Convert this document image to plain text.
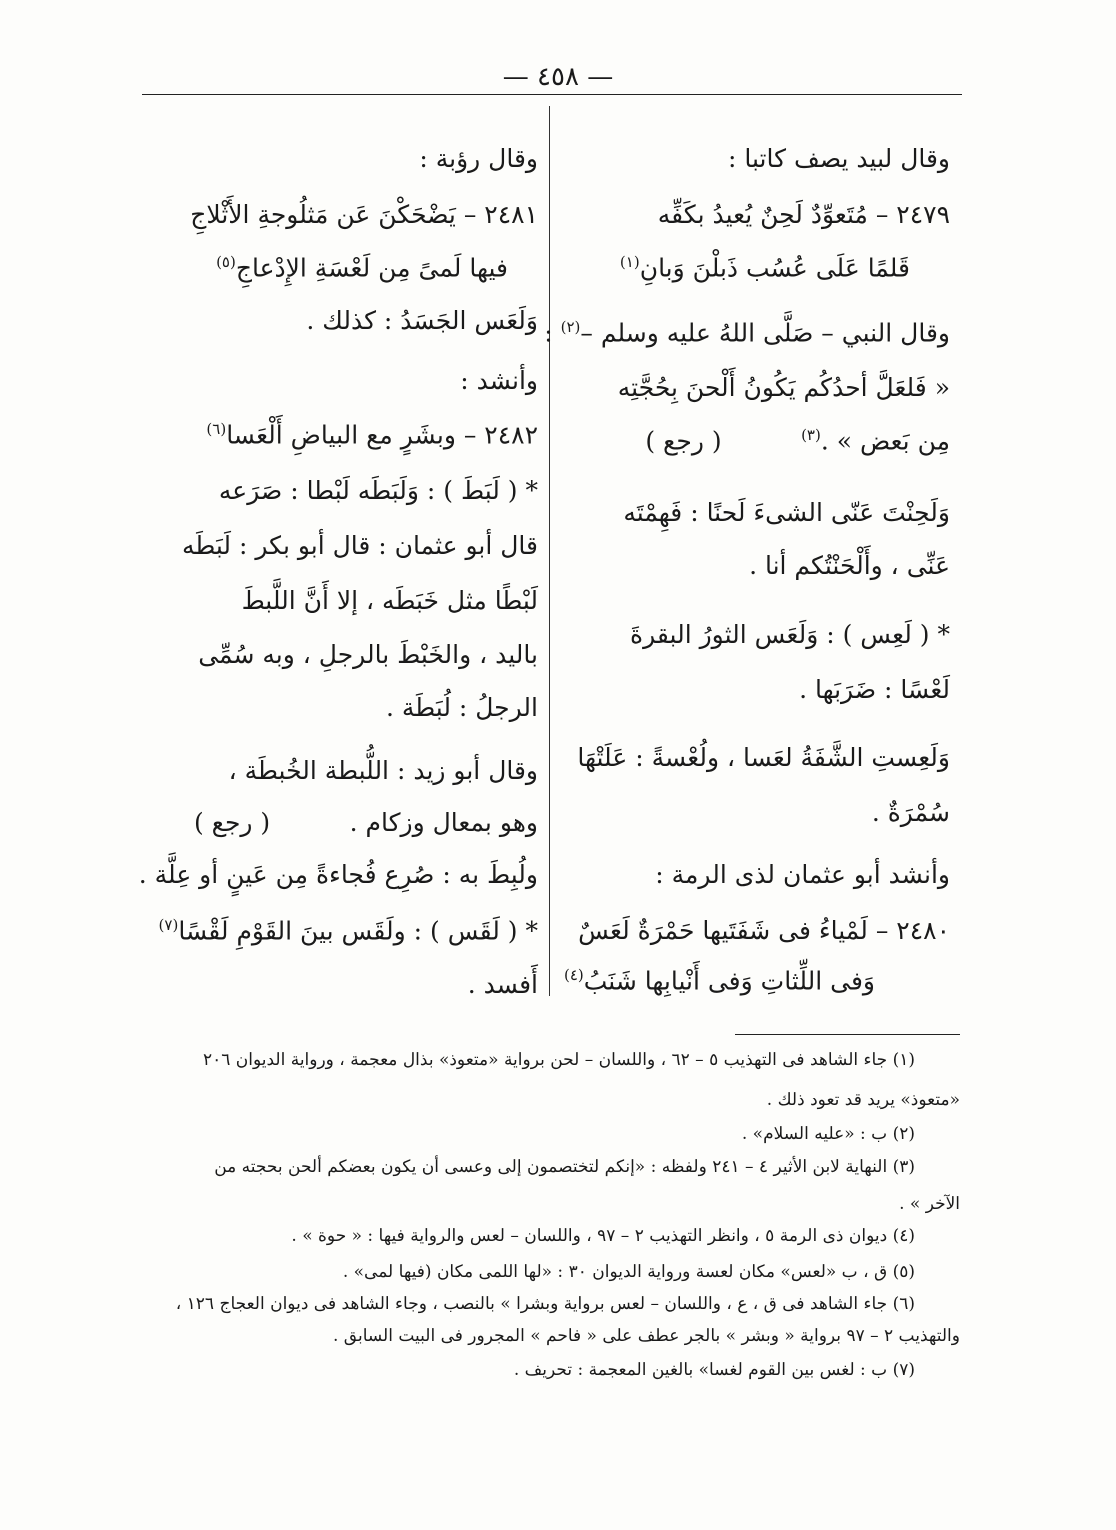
— ٤٥٨ —
وقال لبيد يصف كاتبا :
٢٤٧٩ – مُتَعوِّدٌ لَحِنٌ يُعيدُ بكَفِّه
قَلمًا عَلَى عُسُب ذَبلْنَ وَبانِ$^{(١)}$
وقال النبي – صَلَّى اللهُ عليه وسلم –$^{(٢)}$ :
« فَلعَلَّ أحدُكُم يَكُونُ أَلْحنَ بِحُجَّتِه
مِن بَعض » .$^{(٣)}$          ( رجع )
وَلَحِنْتَ عَنّى الشىءَ لَحنًا : فَهِمْتَه
عَنِّى ، وأَلْحَنْتُكم أنا .
* ( لَعِس ) : وَلَعَس الثورُ البقرةَ
لَعْسًا : ضَرَبَها .
وَلَعِستِ الشَّفَةُ لعَسا ، ولُعْسةً : عَلَتْهَا
سُمْرَةٌ .
وأنشد أبو عثمان لذى الرمة :
٢٤٨٠ – لَمْياءُ فى شَفَتَيها حَمْرَةٌ لَعَسٌ
وَفى اللِّثاتِ وَفى أَنْيابِها شَنَبُ$^{(٤)}$
وقال رؤبة :
٢٤٨١ – يَضْحَكْنَ عَن مَثلُوجةِ الأَثْلاجِ
فيها لَمىً مِن لَعْسَةِ الإِدْعاجِ$^{(٥)}$
وَلَعَس الجَسَدُ : كذلك .
وأنشد :
٢٤٨٢ – وبشَرٍ مع البياضِ أَلْعَسا$^{(٦)}$
* ( لَبَطَ ) : وَلَبَطَه لَبْطا : صَرَعه
قال أبو عثمان : قال أبو بكر : لَبَطَه
لَبْطًا مثل خَبَطَه ، إلا أَنَّ اللَّبطَ
باليد ، والخَبْطَ بالرجلِ ، وبه سُمِّى
الرجلُ : لُبَطَة .
وقال أبو زيد : اللُّبطة الخُبطَة ،
وهو بمعال وزكام .          ( رجع )
ولُبِطَ به : صُرِع فُجاءةً مِن عَينٍ أو عِلَّة .
* ( لَقَس ) : ولَقَس بينَ القَوْمِ لَقْسًا$^{(٧)}$
أَفسد .
(١) جاء الشاهد فى التهذيب ٥ – ٦٢ ، واللسان – لحن برواية «متعوذ» بذال معجمة ، ورواية الديوان ٢٠٦
«متعوذ» يريد قد تعود ذلك .
(٢) ب : «عليه السلام» .
(٣) النهاية لابن الأثير ٤ – ٢٤١ ولفظه : «إنكم لتختصمون إلى وعسى أن يكون بعضكم ألحن بحجته من
الآخر » .
(٤) ديوان ذى الرمة ٥ ، وانظر التهذيب ٢ – ٩٧ ، واللسان – لعس والرواية فيها : « حوة » .
(٥) ق ، ب «لعس» مكان لعسة ورواية الديوان ٣٠ : «لها اللمى مكان (فيها لمى» .
(٦) جاء الشاهد فى ق ، ع ، واللسان – لعس برواية وبشرا » بالنصب ، وجاء الشاهد فى ديوان العجاج ١٢٦ ،
والتهذيب ٢ – ٩٧ برواية « وبشر » بالجر عطف على « فاحم » المجرور فى البيت السابق .
(٧) ب : لغس بين القوم لغسا» بالغين المعجمة : تحريف .
